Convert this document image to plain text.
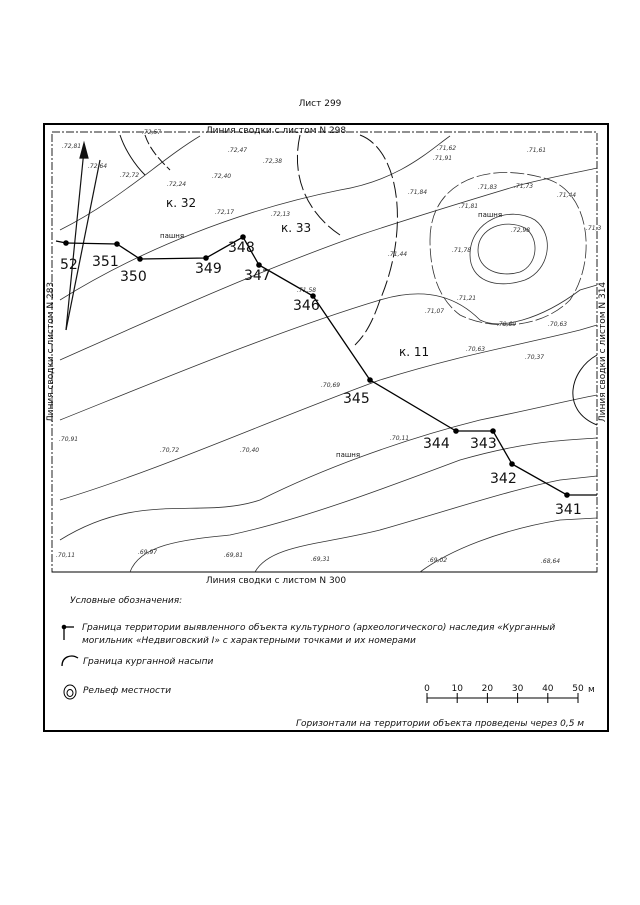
Лист 299
Линия сводки с листом N 298
Линия сводки с листом N 300
Линия сводки с листом N 283	Линия сводки с листом N 314
52 351
350	349
348
347
346
345
344 343
342
341
к. 32
к. 33
к. 11
пашня
пашня
пашня
.72,81
.72,64
.72,72
.72,57
.72,47
.72,38
.72,40
.72,24
.72,17	.72,13
.71,62	.71,61
.71,91
.71,84
.71,83	.71,73
.71,44
.71,81
.71,3
.72,98
.71,44
.71,78
.71,21
.71,07
.70,69	.70,63
.71,58
.70,63
.70,37
.70,69
.70,91
.70,72	.70,40
.70,11
.70,11	.69,97	.69,81
.69,31	.69,02	.68,64
Условные обозначения:
Граница территории выявленного объекта культурного (археологического) наследия «Курганный
могильник «Недвиговский I» с характерными точками и их номерами
Граница курганной насыпи
Рельеф местности	0 10 20 30 40 50 м
Горизонтали на территории объекта проведены через 0,5 м
